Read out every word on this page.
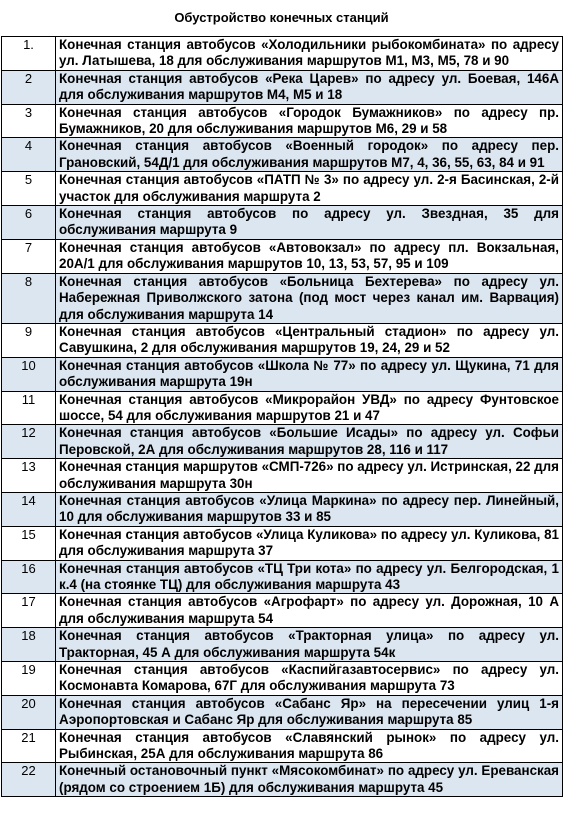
Обустройство конечных станций
1.	Конечная станция автобусов «Холодильники рыбокомбината» по адресу ул. Латышева, 18 для обслуживания маршрутов М1, М3, М5, 78 и 90
2	Конечная станция автобусов «Река Царев» по адресу ул. Боевая, 146А для обслуживания маршрутов М4, М5 и 18
3	Конечная станция автобусов «Городок Бумажников» по адресу пр. Бумажников, 20 для обслуживания маршрутов М6, 29 и 58
4	Конечная станция автобусов «Военный городок» по адресу пер. Грановский, 54Д/1 для обслуживания маршрутов М7, 4, 36, 55, 63, 84 и 91
5	Конечная станция автобусов «ПАТП № 3» по адресу ул. 2-я Басинская, 2-й участок для обслуживания маршрута 2
6	Конечная станция автобусов по адресу ул. Звездная, 35 для обслуживания маршрута 9
7	Конечная станция автобусов «Автовокзал» по адресу пл. Вокзальная, 20А/1 для обслуживания маршрутов 10, 13, 53, 57, 95 и 109
8	Конечная станция автобусов «Больница Бехтерева» по адресу ул. Набережная Приволжского затона (под мост через канал им. Варвация) для обслуживания маршрута 14
9	Конечная станция автобусов «Центральный стадион» по адресу ул. Савушкина, 2 для обслуживания маршрутов 19, 24, 29 и 52
10	Конечная станция автобусов «Школа № 77» по адресу ул. Щукина, 71 для обслуживания маршрута 19н
11	Конечная станция автобусов «Микрорайон УВД» по адресу Фунтовское шоссе, 54 для обслуживания маршрутов 21 и 47
12	Конечная станция автобусов «Большие Исады» по адресу ул. Софьи Перовской, 2А для обслуживания маршрутов 28, 116 и 117
13	Конечная станция маршрутов «СМП-726» по адресу ул. Истринская, 22 для обслуживания маршрута 30н
14	Конечная станция автобусов «Улица Маркина» по адресу пер. Линейный, 10 для обслуживания маршрутов 33 и 85
15	Конечная станция автобусов «Улица Куликова» по адресу ул. Куликова, 81 для обслуживания маршрута 37
16	Конечная станция автобусов «ТЦ Три кота» по адресу ул. Белгородская, 1 к.4 (на стоянке ТЦ) для обслуживания маршрута 43
17	Конечная станция автобусов «Агрофарт» по адресу ул. Дорожная, 10 А для обслуживания маршрута 54
18	Конечная станция автобусов «Тракторная улица» по адресу ул. Тракторная, 45 А для обслуживания маршрута 54к
19	Конечная станция автобусов «Каспийгазавтосервис» по адресу ул. Космонавта Комарова, 67Г для обслуживания маршрута 73
20	Конечная станция автобусов «Сабанс Яр» на пересечении улиц 1-я Аэропортовская и Сабанс Яр для обслуживания маршрута 85
21	Конечная станция автобусов «Славянский рынок» по адресу ул. Рыбинская, 25А для обслуживания маршрута 86
22	Конечный остановочный пункт «Мясокомбинат» по адресу ул. Ереванская (рядом со строением 1Б) для обслуживания маршрута 45
